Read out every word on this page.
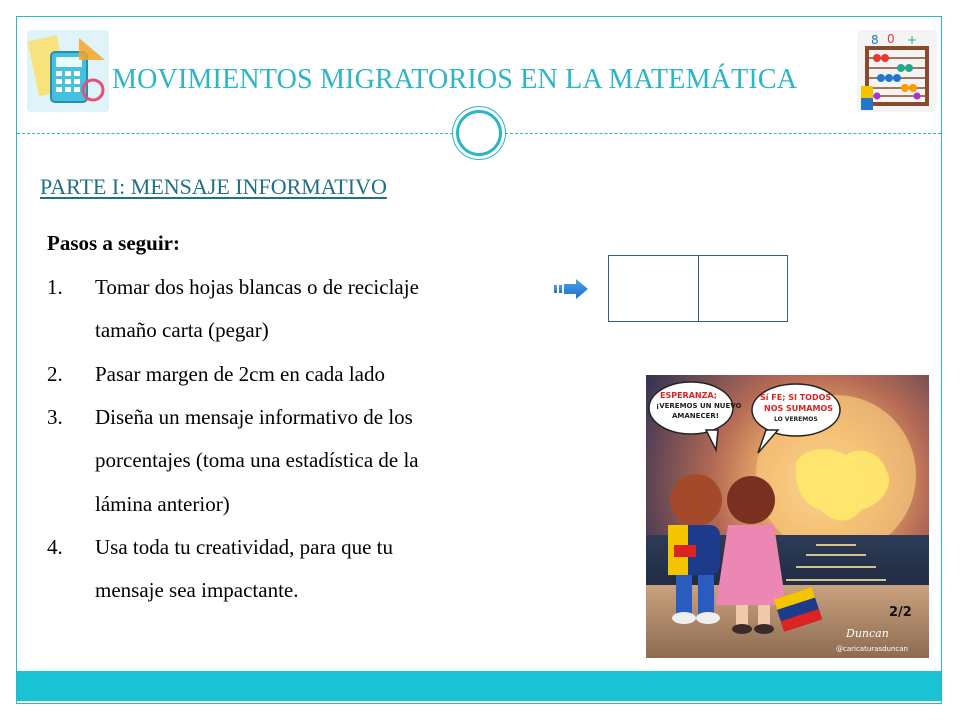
8 0 +
MOVIMIENTOS MIGRATORIOS EN LA MATEMÁTICA
PARTE I: MENSAJE INFORMATIVO
Pasos a seguir:
1. Tomar dos hojas blancas o de reciclaje
tamaño carta (pegar)
2. Pasar margen de 2cm en cada lado
3. Diseña un mensaje informativo de los
porcentajes (toma una estadística de la
lámina anterior)
4. Usa toda tu creatividad, para que tu
mensaje sea impactante.
ESPERANZA;
¡VEREMOS UN NUEVO
AMANECER!
Sí FE; SI TODOS
NOS SUMAMOS
LO VEREMOS
2/2
Duncan
@caricaturasduncan
